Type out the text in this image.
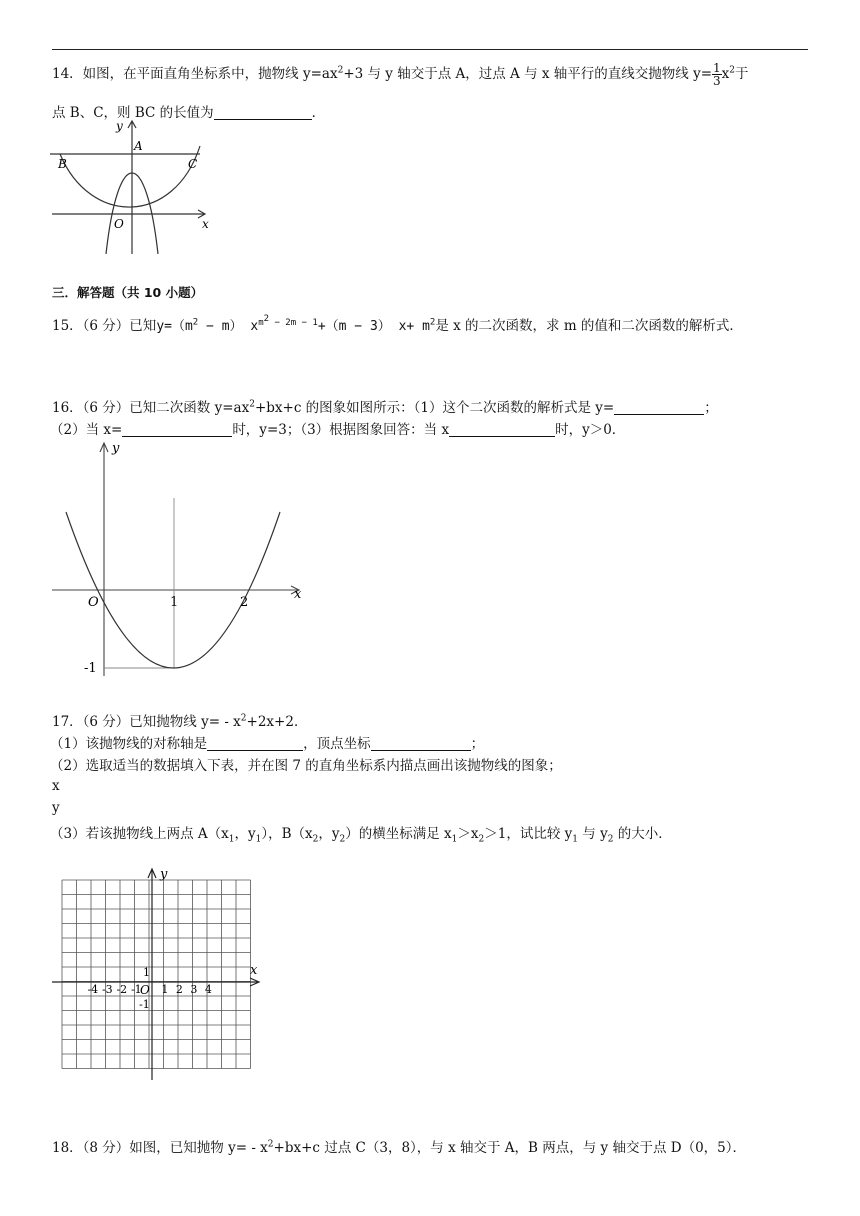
14．如图，在平面直角坐标系中，抛物线 $y=ax^2+3$ 与 y 轴交于点 A，过点 A 与 x 轴平行的直线交抛物线 $y= \frac{1}{3} x^2$于
点 B、C，则 BC 的长值为	．
y
x
A
B	C
O
三．解答题（共 10 小题）
15．（6 分）已知$y=(m^2 - m) x^{m^2 - 2m - 1}+(m - 3)$ $x+ m^2$是 x 的二次函数，求 m 的值和二次函数的解析式．
16．（6 分）已知二次函数 $y=ax^2+bx+c$ 的图象如图所示：（1）这个二次函数的解析式是 y=	；
（2）当 x=	时，y=3；（3）根据图象回答：当 x	时，y＞0．
y
x
O	1	2
-1
17．（6 分）已知抛物线 $y= - x^2+2x+2$．
（1）该抛物线的对称轴是	，顶点坐标	；
（2）选取适当的数据填入下表，并在图 7 的直角坐标系内描点画出该抛物线的图象；
x
y
（3）若该抛物线上两点 $A(x_1$，$y_1$），$B(x_2$，$y_2$）的横坐标满足 $x_1>x_2>1$，试比较 $y_1$ 与 $y_2$ 的大小．
y
x
O
1
-1
-4 -3 -2 -1 1 2 3 4
18．（8 分）如图，已知抛物 $y= - x^2+bx+c$ 过点 C（3，8），与 x 轴交于 A，B 两点，与 y 轴交于点 D（0，5）．
